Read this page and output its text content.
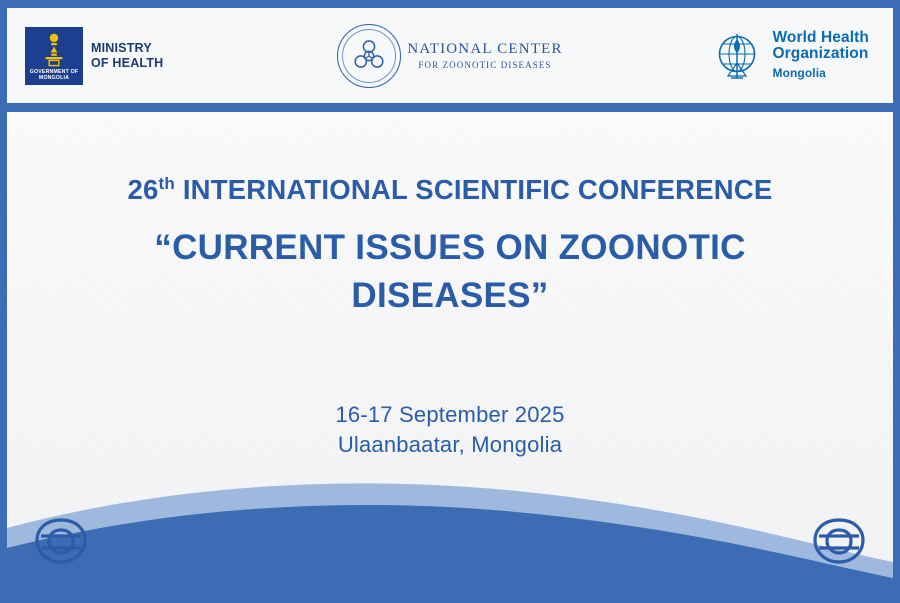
GOVERNMENT OF
MONGOLIA
MINISTRY
OF HEALTH
NATIONAL CENTER
FOR ZOONOTIC DISEASES
World Health
Organization
Mongolia
26th INTERNATIONAL SCIENTIFIC CONFERENCE
“CURRENT ISSUES ON ZOONOTIC DISEASES”
16-17 September 2025
Ulaanbaatar, Mongolia
